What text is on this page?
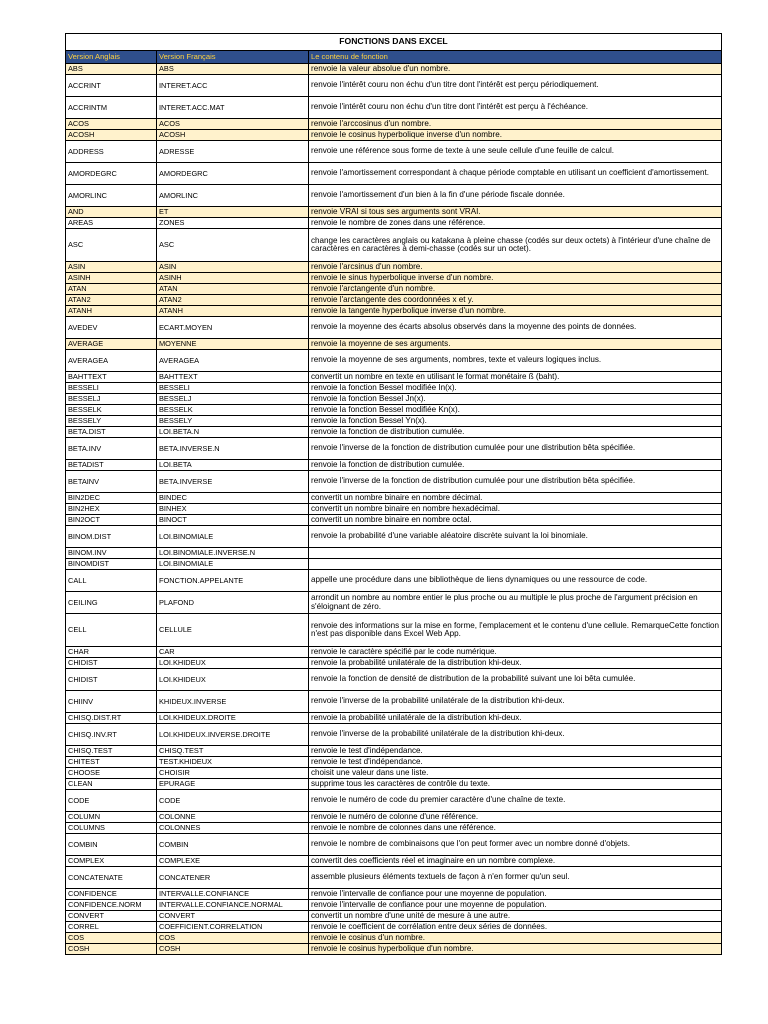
FONCTIONS DANS EXCEL		
Version Anglais	Version Français	Le contenu de fonction
ABS	ABS	renvoie la valeur absolue d'un nombre.
ACCRINT	INTERET.ACC	renvoie l'intérêt couru non échu d'un titre dont l'intérêt est perçu périodiquement.
ACCRINTM	INTERET.ACC.MAT	renvoie l'intérêt couru non échu d'un titre dont l'intérêt est perçu à l'échéance.
ACOS	ACOS	renvoie l'arccosinus d'un nombre.
ACOSH	ACOSH	renvoie le cosinus hyperbolique inverse d'un nombre.
ADDRESS	ADRESSE	renvoie une référence sous forme de texte à une seule cellule d'une feuille de calcul.
AMORDEGRC	AMORDEGRC	renvoie l'amortissement correspondant à chaque période comptable en utilisant un coefficient d'amortissement.
AMORLINC	AMORLINC	renvoie l'amortissement d'un bien à la fin d'une période fiscale donnée.
AND	ET	renvoie VRAI si tous ses arguments sont VRAI.
AREAS	ZONES	renvoie le nombre de zones dans une référence.
ASC	ASC	change les caractères anglais ou katakana à pleine chasse (codés sur deux octets) à l'intérieur d'une chaîne de caractères en caractères à demi-chasse (codés sur un octet).
ASIN	ASIN	renvoie l'arcsinus d'un nombre.
ASINH	ASINH	renvoie le sinus hyperbolique inverse d'un nombre.
ATAN	ATAN	renvoie l'arctangente d'un nombre.
ATAN2	ATAN2	renvoie l'arctangente des coordonnées x et y.
ATANH	ATANH	renvoie la tangente hyperbolique inverse d'un nombre.
AVEDEV	ECART.MOYEN	renvoie la moyenne des écarts absolus observés dans la moyenne des points de données.
AVERAGE	MOYENNE	renvoie la moyenne de ses arguments.
AVERAGEA	AVERAGEA	renvoie la moyenne de ses arguments, nombres, texte et valeurs logiques inclus.
BAHTTEXT	BAHTTEXT	convertit un nombre en texte en utilisant le format monétaire ß (baht).
BESSELI	BESSELI	renvoie la fonction Bessel modifiée In(x).
BESSELJ	BESSELJ	renvoie la fonction Bessel Jn(x).
BESSELK	BESSELK	renvoie la fonction Bessel modifiée Kn(x).
BESSELY	BESSELY	renvoie la fonction Bessel Yn(x).
BETA.DIST	LOI.BETA.N	renvoie la fonction de distribution cumulée.
BETA.INV	BETA.INVERSE.N	renvoie l'inverse de la fonction de distribution cumulée pour une distribution bêta spécifiée.
BETADIST	LOI.BETA	renvoie la fonction de distribution cumulée.
BETAINV	BETA.INVERSE	renvoie l'inverse de la fonction de distribution cumulée pour une distribution bêta spécifiée.
BIN2DEC	BINDEC	convertit un nombre binaire en nombre décimal.
BIN2HEX	BINHEX	convertit un nombre binaire en nombre hexadécimal.
BIN2OCT	BINOCT	convertit un nombre binaire en nombre octal.
BINOM.DIST	LOI.BINOMIALE	renvoie la probabilité d'une variable aléatoire discrète suivant la loi binomiale.
BINOM.INV	LOI.BINOMIALE.INVERSE.N	
BINOMDIST	LOI.BINOMIALE	
CALL	FONCTION.APPELANTE	appelle une procédure dans une bibliothèque de liens dynamiques ou une ressource de code.
CEILING	PLAFOND	arrondit un nombre au nombre entier le plus proche ou au multiple le plus proche de l'argument précision en s'éloignant de zéro.
CELL	CELLULE	renvoie des informations sur la mise en forme, l'emplacement et le contenu d'une cellule. RemarqueCette fonction n'est pas disponible dans Excel Web App.
CHAR	CAR	renvoie le caractère spécifié par le code numérique.
CHIDIST	LOI.KHIDEUX	renvoie la probabilité unilatérale de la distribution khi-deux.
CHIDIST	LOI.KHIDEUX	renvoie la fonction de densité de distribution de la probabilité suivant une loi bêta cumulée.
CHIINV	KHIDEUX.INVERSE	renvoie l'inverse de la probabilité unilatérale de la distribution khi-deux.
CHISQ.DIST.RT	LOI.KHIDEUX.DROITE	renvoie la probabilité unilatérale de la distribution khi-deux.
CHISQ.INV.RT	LOI.KHIDEUX.INVERSE.DROITE	renvoie l'inverse de la probabilité unilatérale de la distribution khi-deux.
CHISQ.TEST	CHISQ.TEST	renvoie le test d'indépendance.
CHITEST	TEST.KHIDEUX	renvoie le test d'indépendance.
CHOOSE	CHOISIR	choisit une valeur dans une liste.
CLEAN	EPURAGE	supprime tous les caractères de contrôle du texte.
CODE	CODE	renvoie le numéro de code du premier caractère d'une chaîne de texte.
COLUMN	COLONNE	renvoie le numéro de colonne d'une référence.
COLUMNS	COLONNES	renvoie le nombre de colonnes dans une référence.
COMBIN	COMBIN	renvoie le nombre de combinaisons que l'on peut former avec un nombre donné d'objets.
COMPLEX	COMPLEXE	convertit des coefficients réel et imaginaire en un nombre complexe.
CONCATENATE	CONCATENER	assemble plusieurs éléments textuels de façon à n'en former qu'un seul.
CONFIDENCE	INTERVALLE.CONFIANCE	renvoie l'intervalle de confiance pour une moyenne de population.
CONFIDENCE.NORM	INTERVALLE.CONFIANCE.NORMAL	renvoie l'intervalle de confiance pour une moyenne de population.
CONVERT	CONVERT	convertit un nombre d'une unité de mesure à une autre.
CORREL	COEFFICIENT.CORRELATION	renvoie le coefficient de corrélation entre deux séries de données.
COS	COS	renvoie le cosinus d'un nombre.
COSH	COSH	renvoie le cosinus hyperbolique d'un nombre.
